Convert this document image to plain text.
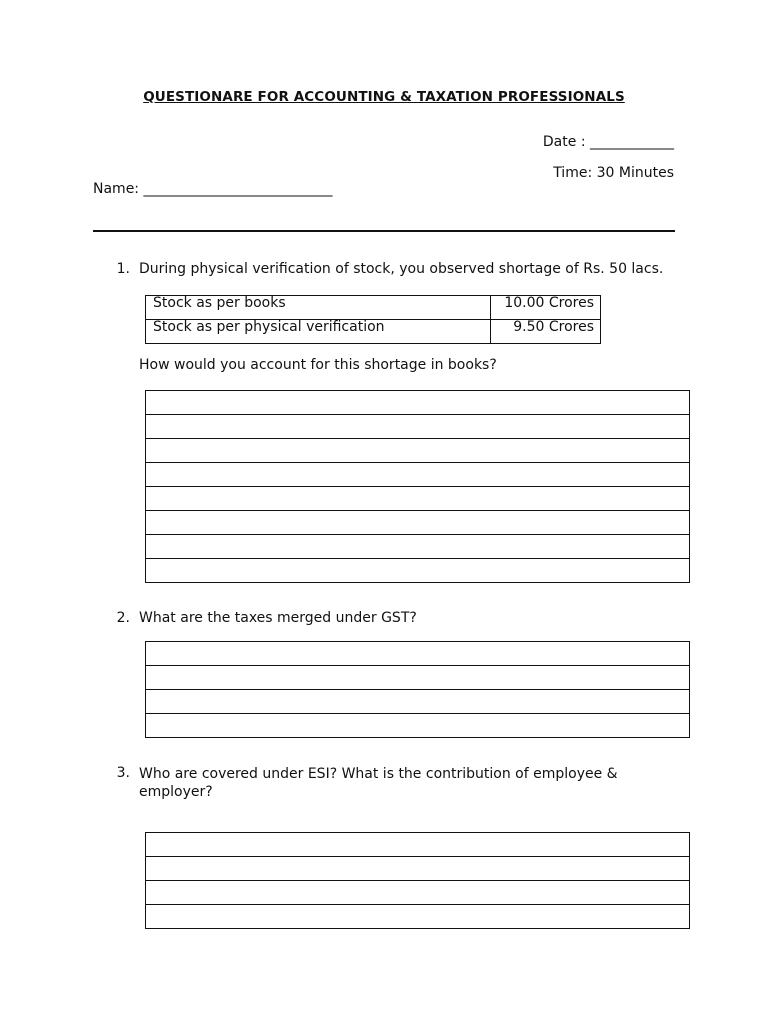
QUESTIONARE FOR ACCOUNTING & TAXATION PROFESSIONALS
Date : ____________
Time: 30 Minutes
Name: ___________________________
1. During physical verification of stock, you observed shortage of Rs. 50 lacs.
Stock as per books	10.00 Crores
Stock as per physical verification	9.50 Crores
How would you account for this shortage in books?

2. What are the taxes merged under GST?

3. Who are covered under ESI? What is the contribution of employee & employer?
